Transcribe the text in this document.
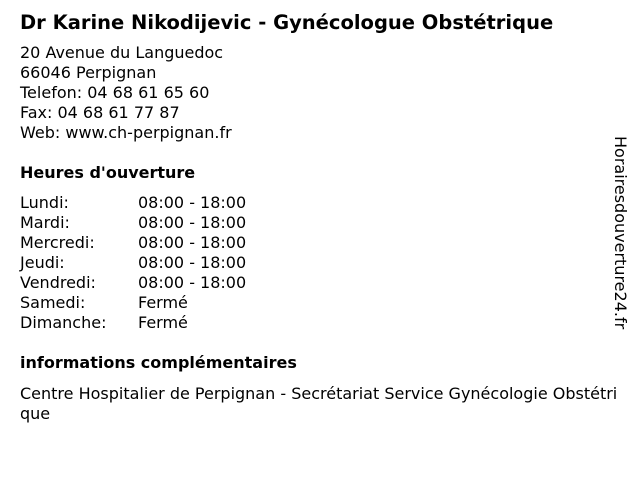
Dr Karine Nikodijevic - Gynécologue Obstétrique
20 Avenue du Languedoc
66046 Perpignan
Telefon: 04 68 61 65 60
Fax: 04 68 61 77 87
Web: www.ch-perpignan.fr
Heures d'ouverture
Lundi:	08:00 - 18:00
Mardi:	08:00 - 18:00
Mercredi:	08:00 - 18:00
Jeudi:	08:00 - 18:00
Vendredi:	08:00 - 18:00
Samedi:	Fermé
Dimanche: Fermé
informations complémentaires
Centre Hospitalier de Perpignan - Secrétariat Service Gynécologie Obstétrique
Horairesdouverture24.fr
